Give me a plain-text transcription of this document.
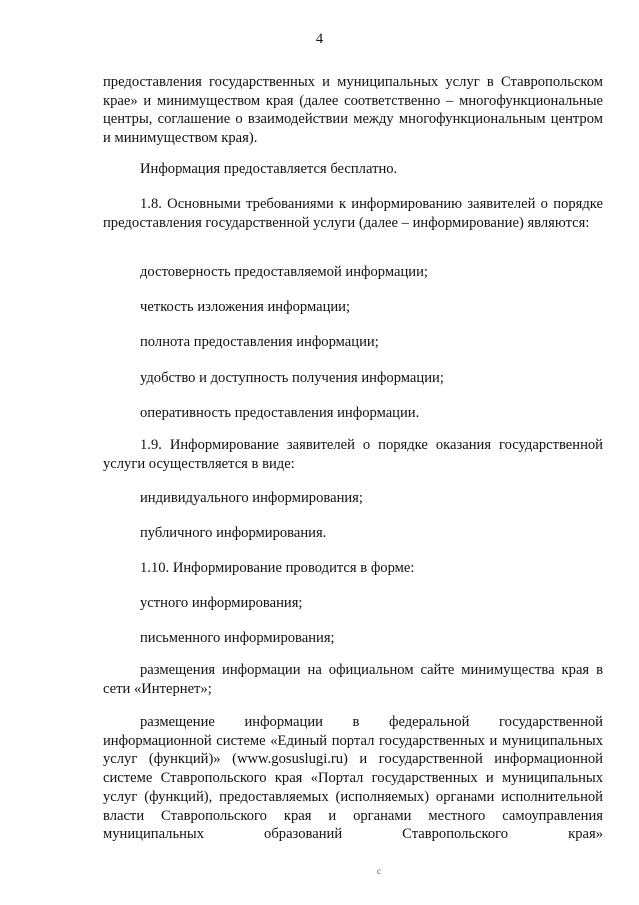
4

предоставления государственных и муниципальных услуг в Ставропольском крае» и минимуществом края (далее соответственно – многофункциональные центры, соглашение о взаимодействии между многофункциональным центром и минимуществом края).

Информация предоставляется бесплатно.

1.8. Основными требованиями к информированию заявителей о порядке предоставления государственной услуги (далее – информирование) являются:

достоверность предоставляемой информации;

четкость изложения информации;

полнота предоставления информации;

удобство и доступность получения информации;

оперативность предоставления информации.

1.9. Информирование заявителей о порядке оказания государственной услуги осуществляется в виде:

индивидуального информирования;

публичного информирования.

1.10. Информирование проводится в форме:

устного информирования;

письменного информирования;

размещения информации на официальном сайте минимущества края в сети «Интернет»;

размещение информации в федеральной государственной информационной системе «Единый портал государственных и муниципальных услуг (функций)» (www.gosuslugi.ru) и государственной информационной системе Ставропольского края «Портал государственных и муниципальных услуг (функций), предоставляемых (исполняемых) органами исполнительной власти Ставропольского края и органами местного самоуправления муниципальных образований Ставропольского края»

c
